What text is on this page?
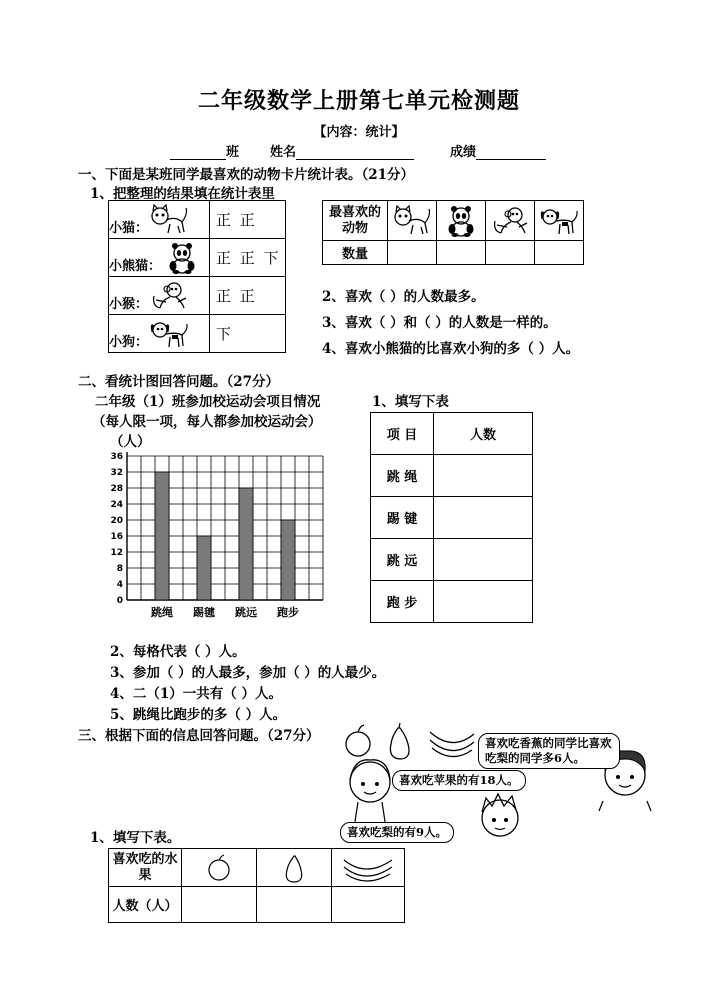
二年级数学上册第七单元检测题
【内容：统计】
班 姓名	成绩
一、下面是某班同学最喜欢的动物卡片统计表。（21分）
1、把整理的结果填在统计表里
小猫：	正 正
小熊猫：	正 正 下
小猴：	正 正
小狗：	下
最喜欢的动物				
数量				
2、喜欢（ ）的人数最多。
3、喜欢（ ）和（ ）的人数是一样的。
4、喜欢小熊猫的比喜欢小狗的多（ ）人。
二、看统计图回答问题。（27分）
二年级（1）班参加校运动会项目情况
（每人限一项，每人都参加校运动会）
（人）
0
4
8
12
16
20
24
28
32
36
跳绳 踢毽 跳远 跑步
1、填写下表
项 目	人数
跳 绳	
踢 键	
跳 远	
跑 步	
2、每格代表（ ）人。
3、参加（ ）的人最多，参加（ ）的人最少。
4、二（1）一共有（ ）人。
5、跳绳比跑步的多（ ）人。
三、根据下面的信息回答问题。（27分）	喜欢吃香蕉的同学比喜欢吃梨的同学多6人。
喜欢吃苹果的有18人。
喜欢吃梨的有9人。
1、填写下表。
喜欢吃的水果			
人数（人）			
